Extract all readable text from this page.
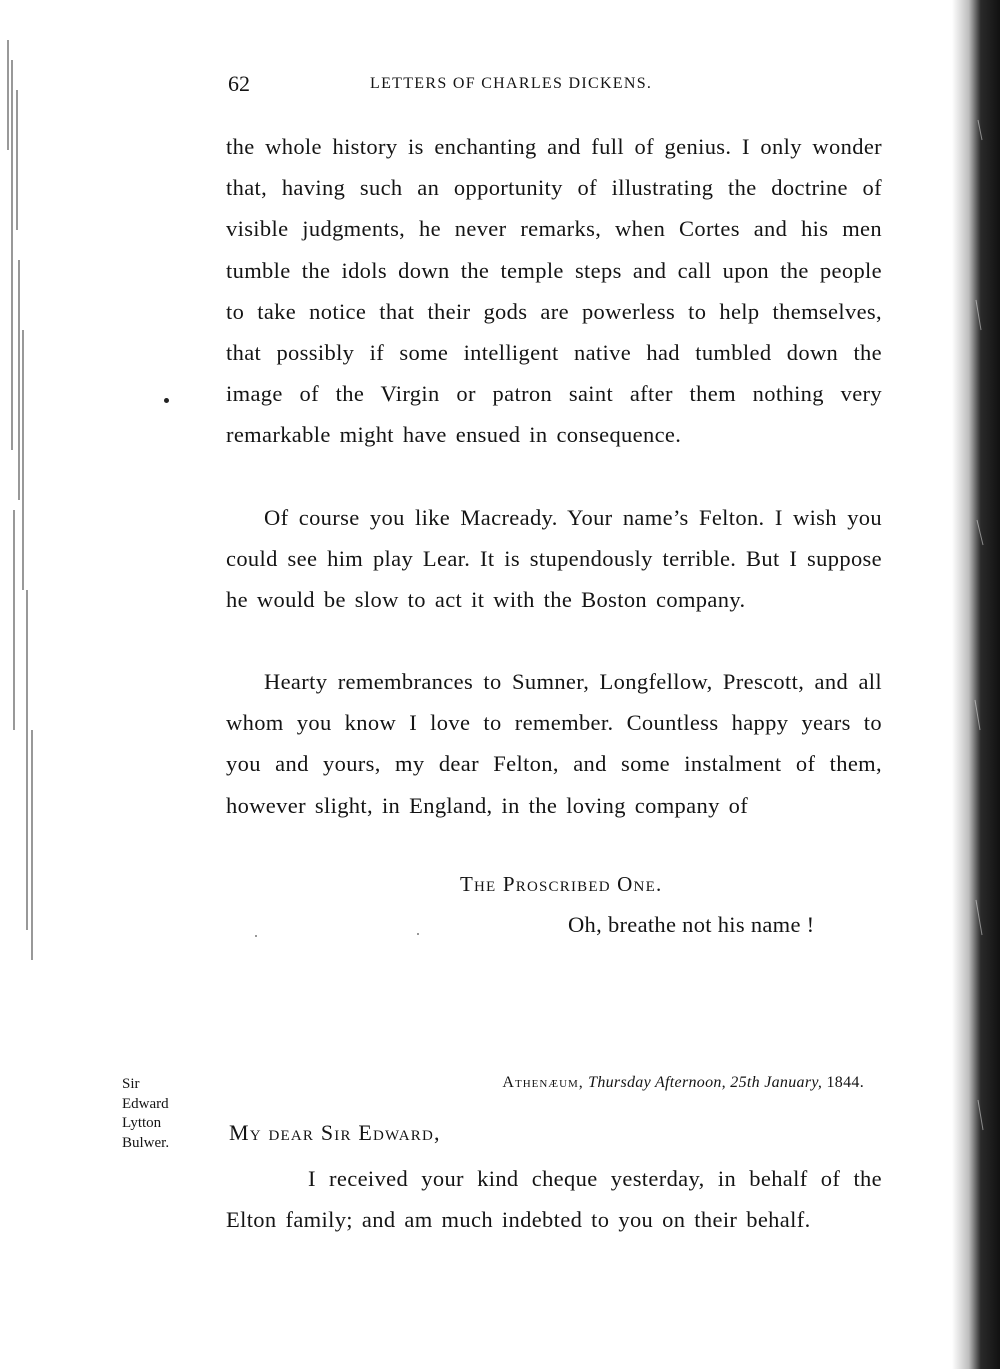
62	LETTERS OF CHARLES DICKENS.

the whole history is enchanting and full of genius. I only wonder that, having such an opportunity of illustrating the doctrine of visible judgments, he never remarks, when Cortes and his men tumble the idols down the temple steps and call upon the people to take notice that their gods are powerless to help themselves, that possibly if some intelligent native had tumbled down the image of the Virgin or patron saint after them nothing very remarkable might have ensued in consequence.

Of course you like Macready. Your name’s Felton. I wish you could see him play Lear. It is stupendously terrible. But I suppose he would be slow to act it with the Boston company.

Hearty remembrances to Sumner, Longfellow, Prescott, and all whom you know I love to remember. Countless happy years to you and yours, my dear Felton, and some instalment of them, however slight, in England, in the loving company of

The Proscribed One.
Oh, breathe not his name !
Sir
Edward
Lytton
Bulwer.
Athenæum, Thursday Afternoon, 25th January, 1844.
My dear Sir Edward,

I received your kind cheque yesterday, in behalf of the Elton family; and am much indebted to you on their behalf.
